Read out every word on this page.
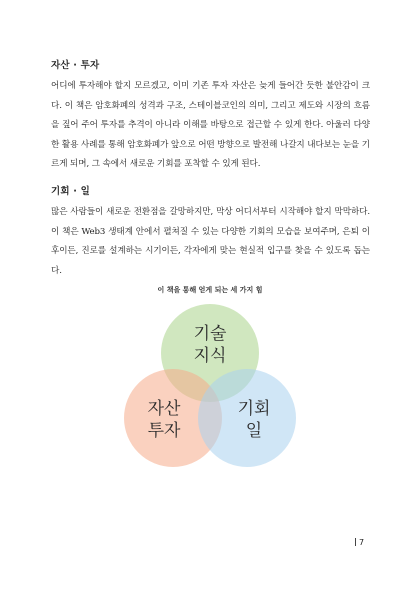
자산 · 투자

어디에 투자해야 할지 모르겠고, 이미 기존 투자 자산은 늦게 들어간 듯한 불안감이 크다. 이 책은 암호화폐의 성격과 구조, 스테이블코인의 의미, 그리고 제도와 시장의 흐름을 짚어 주어 투자를 추격이 아니라 이해를 바탕으로 접근할 수 있게 한다. 아울러 다양한 활용 사례를 통해 암호화폐가 앞으로 어떤 방향으로 발전해 나갈지 내다보는 눈을 기르게 되며, 그 속에서 새로운 기회를 포착할 수 있게 된다.

기회 · 일

많은 사람들이 새로운 전환점을 갈망하지만, 막상 어디서부터 시작해야 할지 막막하다. 이 책은 Web3 생태계 안에서 펼쳐질 수 있는 다양한 기회의 모습을 보여주며, 은퇴 이후이든, 진로를 설계하는 시기이든, 각자에게 맞는 현실적 입구를 찾을 수 있도록 돕는다.

이 책을 통해 얻게 되는 세 가지 힘
기술
지식
자산
투자
기회
일
7
